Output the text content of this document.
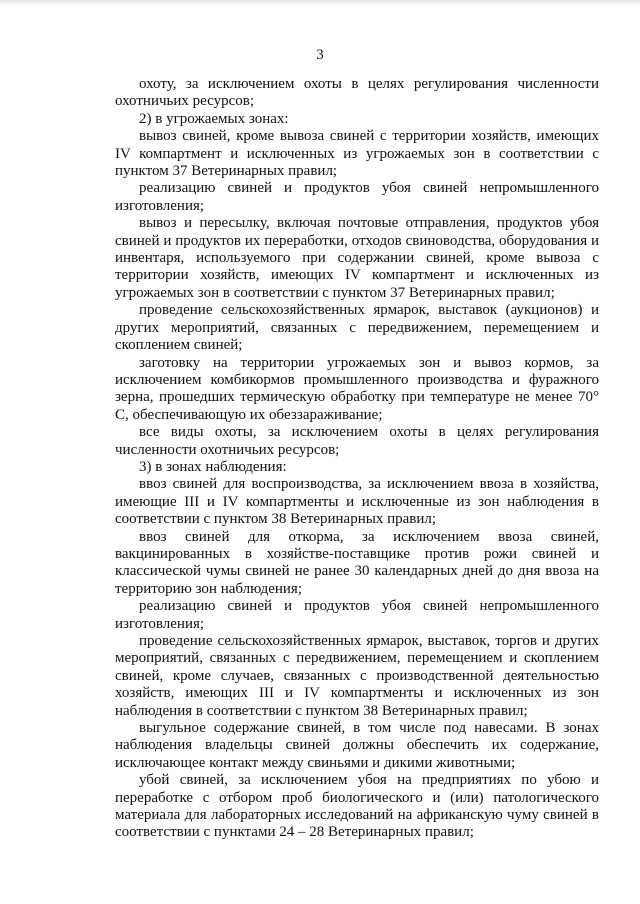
3

охоту, за исключением охоты в целях регулирования численности охотничьих ресурсов;

2) в угрожаемых зонах:

вывоз свиней, кроме вывоза свиней с территории хозяйств, имеющих IV компартмент и исключенных из угрожаемых зон в соответствии с пунктом 37 Ветеринарных правил;

реализацию свиней и продуктов убоя свиней непромышленного изготовления;

вывоз и пересылку, включая почтовые отправления, продуктов убоя свиней и продуктов их переработки, отходов свиноводства, оборудования и инвентаря, используемого при содержании свиней, кроме вывоза с территории хозяйств, имеющих IV компартмент и исключенных из угрожаемых зон в соответствии с пунктом 37 Ветеринарных правил;

проведение сельскохозяйственных ярмарок, выставок (аукционов) и других мероприятий, связанных с передвижением, перемещением и скоплением свиней;

заготовку на территории угрожаемых зон и вывоз кормов, за исключением комбикормов промышленного производства и фуражного зерна, прошедших термическую обработку при температуре не менее 70° С, обеспечивающую их обеззараживание;

все виды охоты, за исключением охоты в целях регулирования численности охотничьих ресурсов;

3) в зонах наблюдения:

ввоз свиней для воспроизводства, за исключением ввоза в хозяйства, имеющие III и IV компартменты и исключенные из зон наблюдения в соответствии с пунктом 38 Ветеринарных правил;

ввоз свиней для откорма, за исключением ввоза свиней, вакцинированных в хозяйстве-поставщике против рожи свиней и классической чумы свиней не ранее 30 календарных дней до дня ввоза на территорию зон наблюдения;

реализацию свиней и продуктов убоя свиней непромышленного изготовления;

проведение сельскохозяйственных ярмарок, выставок, торгов и других мероприятий, связанных с передвижением, перемещением и скоплением свиней, кроме случаев, связанных с производственной деятельностью хозяйств, имеющих III и IV компартменты и исключенных из зон наблюдения в соответствии с пунктом 38 Ветеринарных правил;

выгульное содержание свиней, в том числе под навесами. В зонах наблюдения владельцы свиней должны обеспечить их содержание, исключающее контакт между свиньями и дикими животными;

убой свиней, за исключением убоя на предприятиях по убою и переработке с отбором проб биологического и (или) патологического материала для лабораторных исследований на африканскую чуму свиней в соответствии с пунктами 24 – 28 Ветеринарных правил;
